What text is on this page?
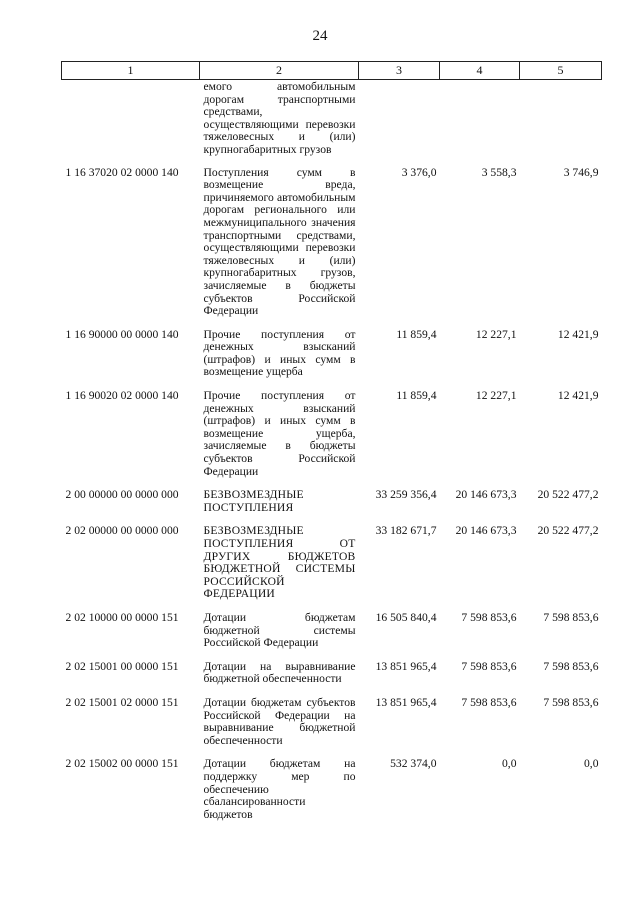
24
1	2	3	4	5
	емого автомобильным дорогам транспортными средствами, осуществляющими перевозки тяжеловесных и (или) крупногабаритных грузов			
1 16 37020 02 0000 140	Поступления сумм в возмещение вреда, причиняемого автомобильным дорогам регионального или межмуниципального значения транспортными средствами, осуществляющими перевозки тяжеловесных и (или) крупногабаритных грузов, зачисляемые в бюджеты субъектов Российской Федерации	3 376,0	3 558,3	3 746,9
1 16 90000 00 0000 140	Прочие поступления от денежных взысканий (штрафов) и иных сумм в возмещение ущерба	11 859,4	12 227,1	12 421,9
1 16 90020 02 0000 140	Прочие поступления от денежных взысканий (штрафов) и иных сумм в возмещение ущерба, зачисляемые в бюджеты субъектов Российской Федерации	11 859,4	12 227,1	12 421,9
2 00 00000 00 0000 000	БЕЗВОЗМЕЗДНЫЕ ПОСТУПЛЕНИЯ	33 259 356,4	20 146 673,3	20 522 477,2
2 02 00000 00 0000 000	БЕЗВОЗМЕЗДНЫЕ ПОСТУПЛЕНИЯ ОТ ДРУГИХ БЮДЖЕТОВ БЮДЖЕТНОЙ СИСТЕМЫ РОССИЙСКОЙ ФЕДЕРАЦИИ	33 182 671,7	20 146 673,3	20 522 477,2
2 02 10000 00 0000 151	Дотации бюджетам бюджетной системы Российской Федерации	16 505 840,4	7 598 853,6	7 598 853,6
2 02 15001 00 0000 151	Дотации на выравнивание бюджетной обеспеченности	13 851 965,4	7 598 853,6	7 598 853,6
2 02 15001 02 0000 151	Дотации бюджетам субъектов Российской Федерации на выравнивание бюджетной обеспеченности	13 851 965,4	7 598 853,6	7 598 853,6
2 02 15002 00 0000 151	Дотации бюджетам на поддержку мер по обеспечению сбалансированности бюджетов	532 374,0	0,0	0,0
